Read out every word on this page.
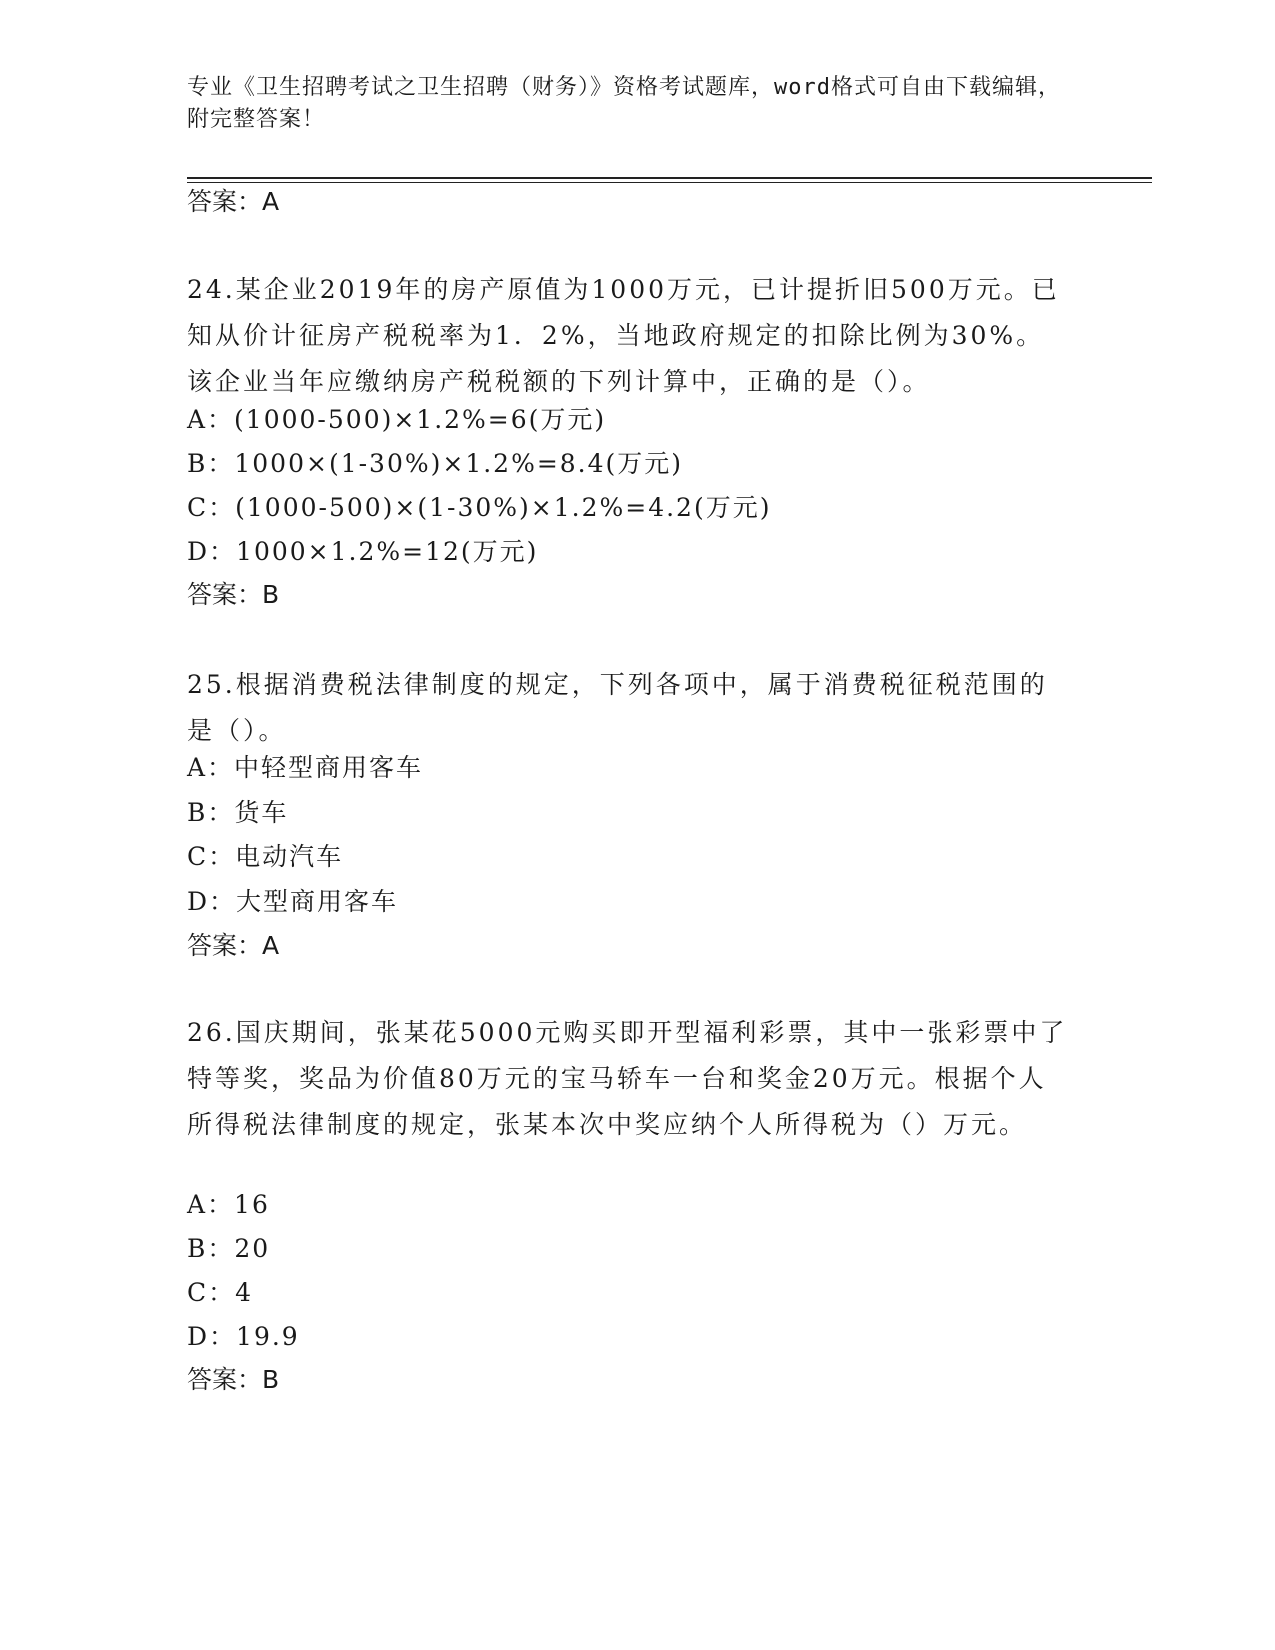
专业《卫生招聘考试之卫生招聘（财务）》资格考试题库，word格式可自由下载编辑，附完整答案！
答案：A
24.某企业2019年的房产原值为1000万元，已计提折旧500万元。已知从价计征房产税税率为1．2%，当地政府规定的扣除比例为30%。该企业当年应缴纳房产税税额的下列计算中，正确的是（）。
A：(1000-500)×1.2%=6(万元)
B：1000×(1-30%)×1.2%=8.4(万元)
C：(1000-500)×(1-30%)×1.2%=4.2(万元)
D：1000×1.2%=12(万元)
答案：B
25.根据消费税法律制度的规定，下列各项中，属于消费税征税范围的是（）。
A：中轻型商用客车
B：货车
C：电动汽车
D：大型商用客车
答案：A
26.国庆期间，张某花5000元购买即开型福利彩票，其中一张彩票中了特等奖，奖品为价值80万元的宝马轿车一台和奖金20万元。根据个人所得税法律制度的规定，张某本次中奖应纳个人所得税为（）万元。
A：16
B：20
C：4
D：19.9
答案：B
